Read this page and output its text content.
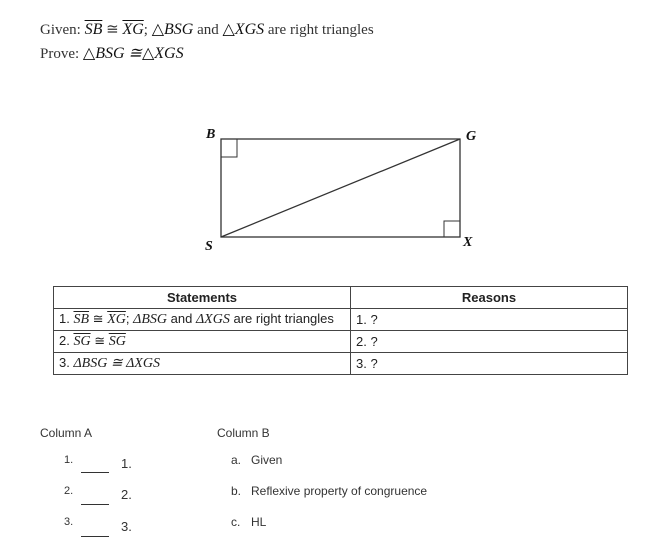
Given: $\overline{SB}$ ≅ $\overline{XG}$; △BSG and △XGS are right triangles
Prove: △BSG ≅△XGS
B	G
S	X
Statements	Reasons
1. $\overline{SB}$ ≅ $\overline{XG}$; ΔBSG and ΔXGS are right triangles	1. ?
2. $\overline{SG}$ ≅ $\overline{SG}$	2. ?
3. ΔBSG ≅ ΔXGS	3. ?
Column A	Column B
1.	1.
2.	2.
3.	3.
a. Given
b. Reflexive property of congruence
c. HL
